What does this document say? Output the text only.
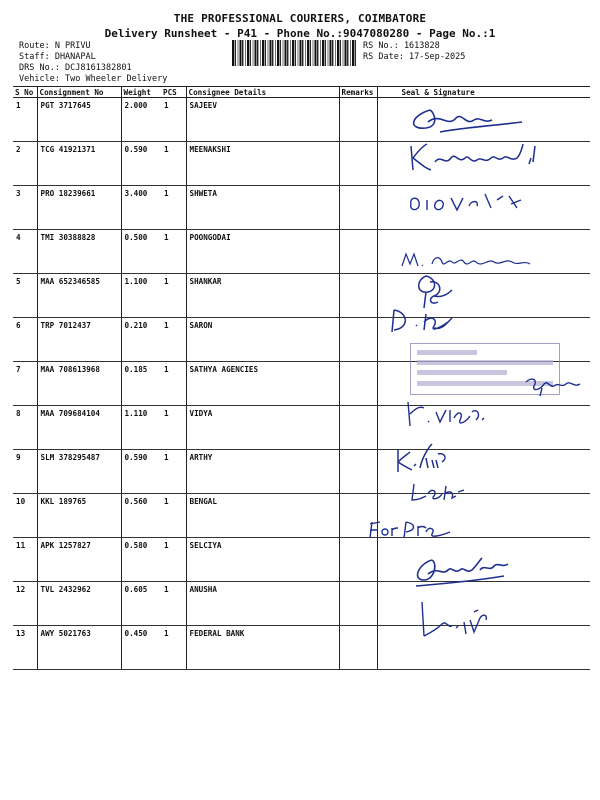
THE PROFESSIONAL COURIERS, COIMBATORE
Delivery Runsheet - P41 - Phone No.:9047080280 - Page No.:1
Route: N PRIVU
Staff: DHANAPAL
DRS No.: DCJ8161382801
Vehicle: Two Wheeler Delivery
RS No.: 1613828
RS Date: 17-Sep-2025
S No	Consignment No	Weight	PCS	Consignee Details	Remarks	Seal & Signature
1	PGT 3717645	2.000	1	SAJEEV		
2	TCG 41921371	0.590	1	MEENAKSHI		
3	PRO 18239661	3.400	1	SHWETA		
4	TMI 30388828	0.500	1	POONGODAI		
5	MAA 652346585	1.100	1	SHANKAR		
6	TRP 7012437	0.210	1	SARON		
7	MAA 708613968	0.185	1	SATHYA AGENCIES		
8	MAA 709684104	1.110	1	VIDYA		
9	SLM 378295487	0.590	1	ARTHY		
10	KKL 189765	0.560	1	BENGAL		
11	APK 1257827	0.580	1	SELCIYA		
12	TVL 2432962	0.605	1	ANUSHA		
13	AWY 5021763	0.450	1	FEDERAL BANK		
